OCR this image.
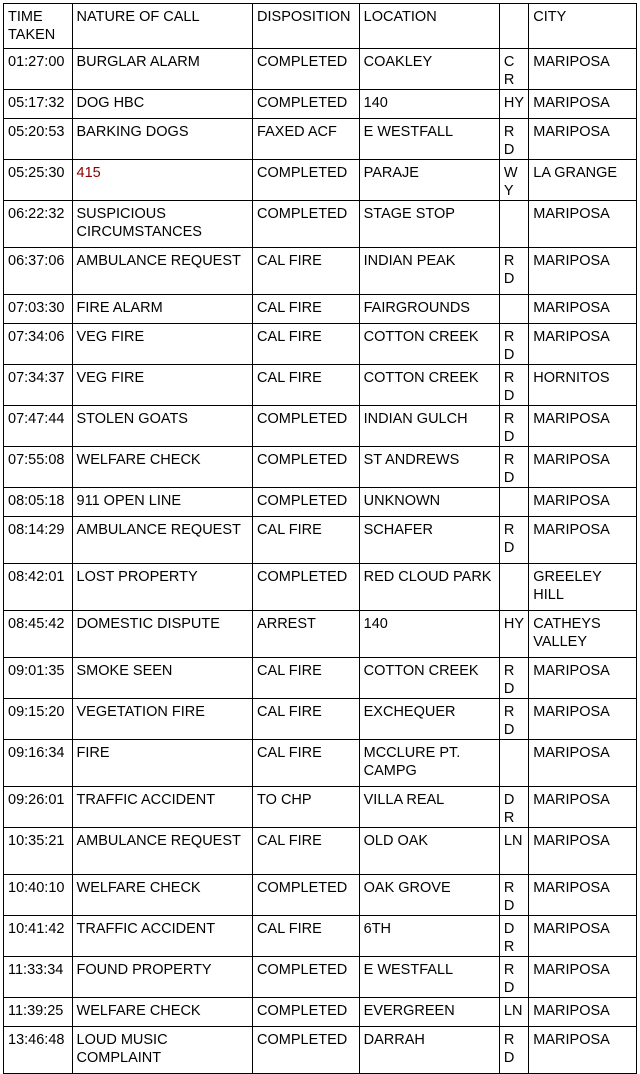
TIME TAKEN	NATURE OF CALL	DISPOSITION	LOCATION		CITY
01:27:00	BURGLAR ALARM	COMPLETED	COAKLEY	CR	MARIPOSA
05:17:32	DOG HBC	COMPLETED	140	HY	MARIPOSA
05:20:53	BARKING DOGS	FAXED ACF	E WESTFALL	RD	MARIPOSA
05:25:30	415	COMPLETED	PARAJE	WY	LA GRANGE
06:22:32	SUSPICIOUS CIRCUMSTANCES	COMPLETED	STAGE STOP		MARIPOSA
06:37:06	AMBULANCE REQUEST	CAL FIRE	INDIAN PEAK	RD	MARIPOSA
07:03:30	FIRE ALARM	CAL FIRE	FAIRGROUNDS		MARIPOSA
07:34:06	VEG FIRE	CAL FIRE	COTTON CREEK	RD	MARIPOSA
07:34:37	VEG FIRE	CAL FIRE	COTTON CREEK	RD	HORNITOS
07:47:44	STOLEN GOATS	COMPLETED	INDIAN GULCH	RD	MARIPOSA
07:55:08	WELFARE CHECK	COMPLETED	ST ANDREWS	RD	MARIPOSA
08:05:18	911 OPEN LINE	COMPLETED	UNKNOWN		MARIPOSA
08:14:29	AMBULANCE REQUEST	CAL FIRE	SCHAFER	RD	MARIPOSA
08:42:01	LOST PROPERTY	COMPLETED	RED CLOUD PARK		GREELEY HILL
08:45:42	DOMESTIC DISPUTE	ARREST	140	HY	CATHEYS VALLEY
09:01:35	SMOKE SEEN	CAL FIRE	COTTON CREEK	RD	MARIPOSA
09:15:20	VEGETATION FIRE	CAL FIRE	EXCHEQUER	RD	MARIPOSA
09:16:34	FIRE	CAL FIRE	MCCLURE PT. CAMPG		MARIPOSA
09:26:01	TRAFFIC ACCIDENT	TO CHP	VILLA REAL	DR	MARIPOSA
10:35:21	AMBULANCE REQUEST	CAL FIRE	OLD OAK	LN	MARIPOSA
10:40:10	WELFARE CHECK	COMPLETED	OAK GROVE	RD	MARIPOSA
10:41:42	TRAFFIC ACCIDENT	CAL FIRE	6TH	DR	MARIPOSA
11:33:34	FOUND PROPERTY	COMPLETED	E WESTFALL	RD	MARIPOSA
11:39:25	WELFARE CHECK	COMPLETED	EVERGREEN	LN	MARIPOSA
13:46:48	LOUD MUSIC COMPLAINT	COMPLETED	DARRAH	RD	MARIPOSA
